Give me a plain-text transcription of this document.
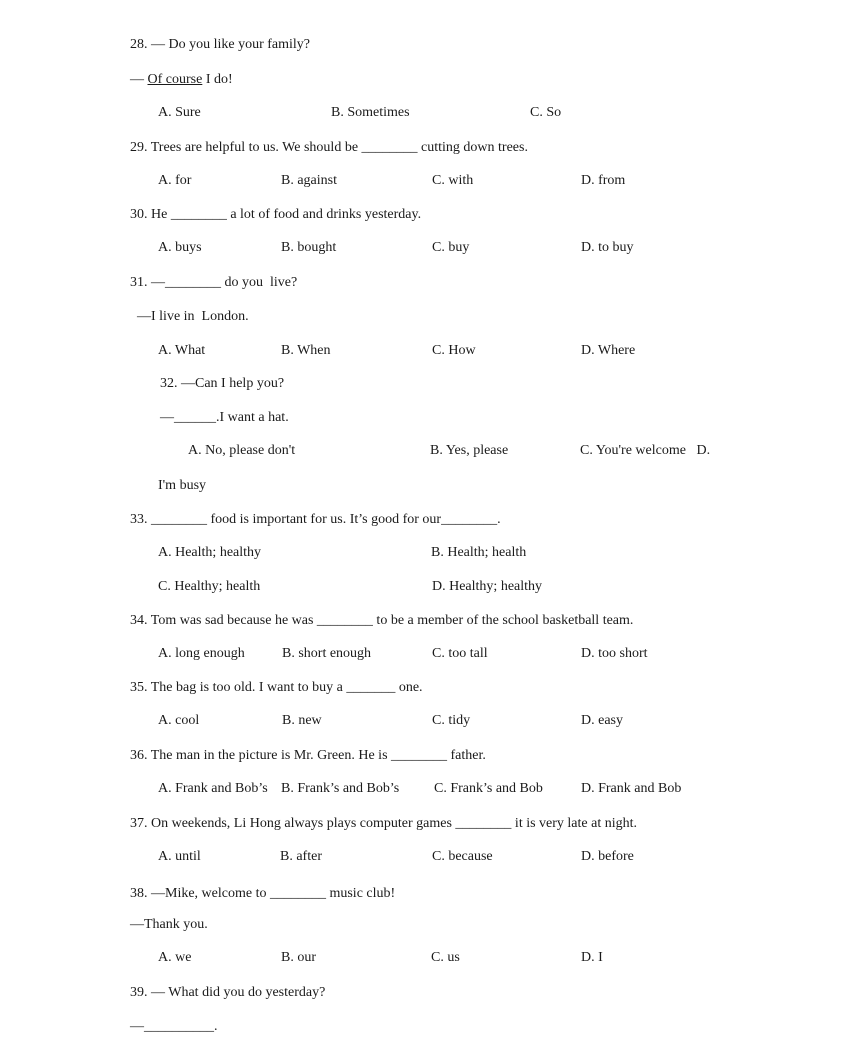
28. — Do you like your family?
— Of course I do!
A. Sure	B. Sometimes	C. So
29. Trees are helpful to us. We should be ________ cutting down trees.
A. for	B. against	C. with	D. from
30. He ________ a lot of food and drinks yesterday.
A. buys	B. bought	C. buy	D. to buy
31. —________ do you  live?
—I live in  London.
A. What	B. When	C. How	D. Where
32. —Can I help you?
—______.I want a hat.
A. No, please don't	B. Yes, please	C. You're welcome   D.
I'm busy
33. ________ food is important for us. It’s good for our________.
A. Health; healthy	B. Health; health
C. Healthy; health	D. Healthy; healthy
34. Tom was sad because he was ________ to be a member of the school basketball team.
A. long enough	B. short enough	C. too tall	D. too short
35. The bag is too old. I want to buy a _______ one.
A. cool	B. new	C. tidy	D. easy
36. The man in the picture is Mr. Green. He is ________ father.
A. Frank and Bob’s B. Frank’s and Bob’s C. Frank’s and Bob	D. Frank and Bob
37. On weekends, Li Hong always plays computer games ________ it is very late at night.
A. until	B. after	C. because	D. before
38. —Mike, welcome to ________ music club!
—Thank you.
A. we	B. our	C. us	D. I
39. — What did you do yesterday?
—__________.
